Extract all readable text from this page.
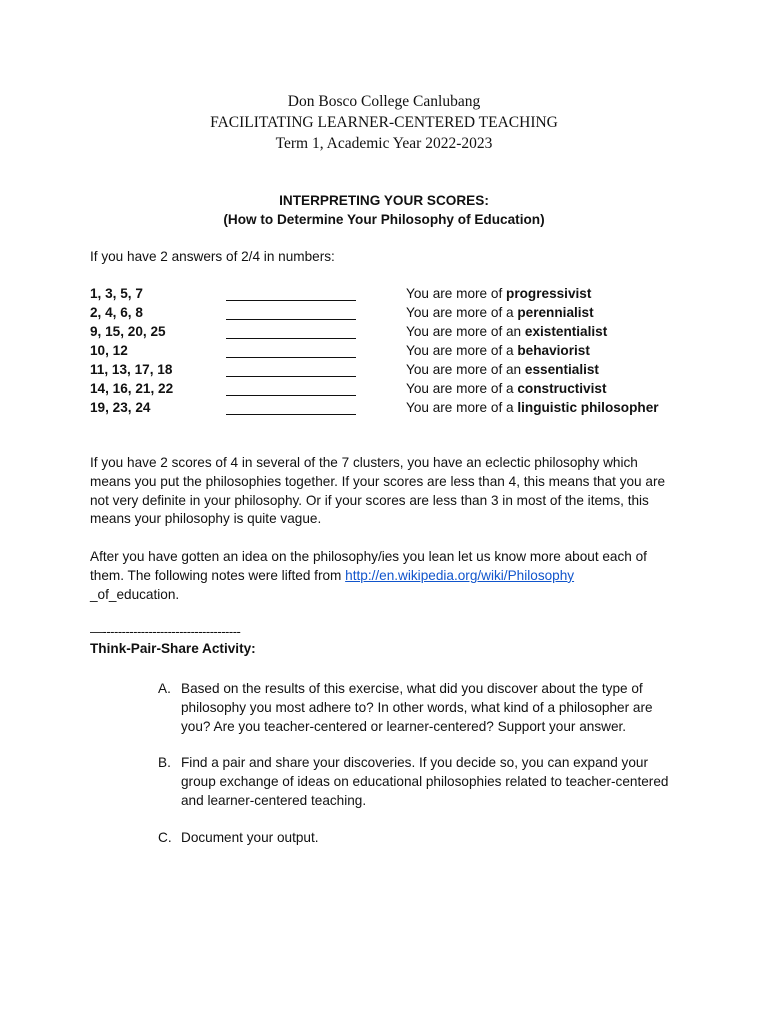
Don Bosco College Canlubang
FACILITATING LEARNER-CENTERED TEACHING
Term 1, Academic Year 2022-2023
INTERPRETING YOUR SCORES:
(How to Determine Your Philosophy of Education)
If you have 2 answers of 2/4 in numbers:
1, 3, 5, 7		You are more of progressivist
2, 4, 6, 8		You are more of a perennialist
9, 15, 20, 25		You are more of an existentialist
10, 12		You are more of a behaviorist
11, 13, 17, 18		You are more of an essentialist
14, 16, 21, 22		You are more of a constructivist
19, 23, 24		You are more of a linguistic philosopher
If you have 2 scores of 4 in several of the 7 clusters, you have an eclectic philosophy which means you put the philosophies together. If your scores are less than 4, this means that you are not very definite in your philosophy. Or if your scores are less than 3 in most of the items, this means your philosophy is quite vague.
After you have gotten an idea on the philosophy/ies you lean let us know more about each of them. The following notes were lifted from http://en.wikipedia.org/wiki/Philosophy
_of_education.
—------------------------------------
Think-Pair-Share Activity:
A. Based on the results of this exercise, what did you discover about the type of philosophy you most adhere to? In other words, what kind of a philosopher are you? Are you teacher-centered or learner-centered? Support your answer.
B. Find a pair and share your discoveries. If you decide so, you can expand your group exchange of ideas on educational philosophies related to teacher-centered and learner-centered teaching.
C. Document your output.
